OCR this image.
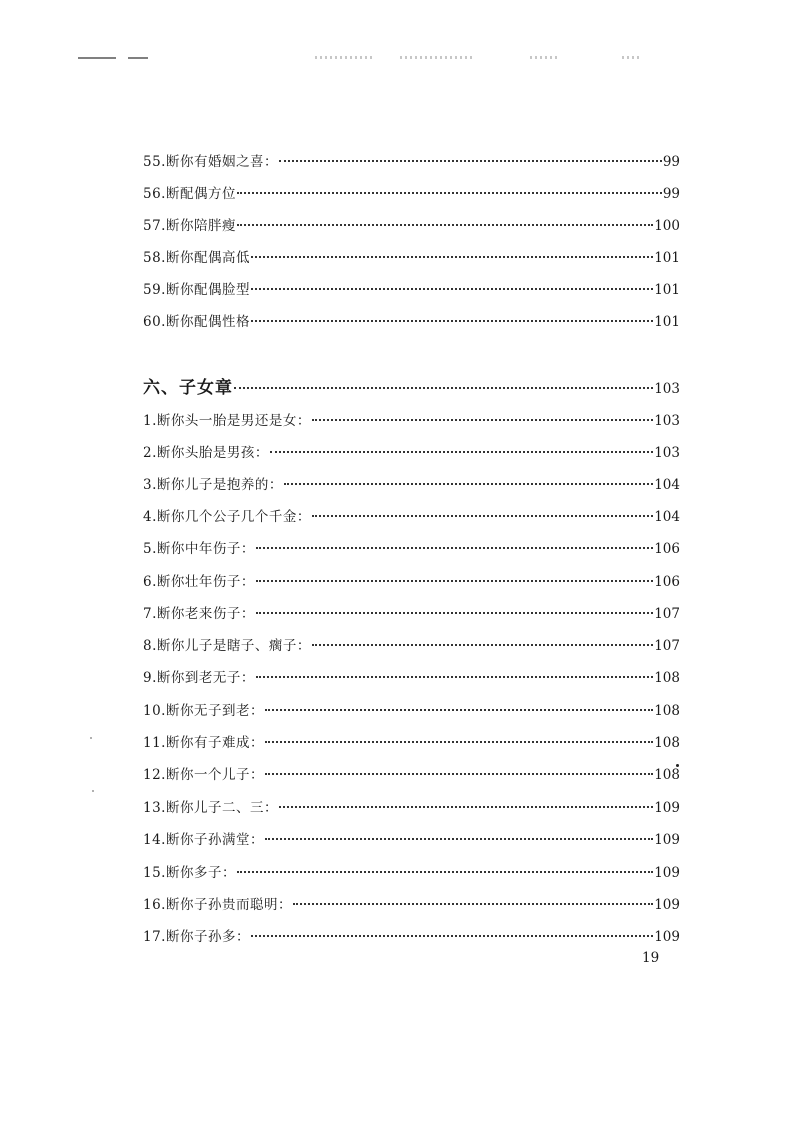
55.断你有婚姻之喜：	99
56.断配偶方位	99
57.断你陪胖瘦	100
58.断你配偶高低	101
59.断你配偶脸型	101
60.断你配偶性格	101
六、子女章	103
1.断你头一胎是男还是女：	103
2.断你头胎是男孩：	103
3.断你儿子是抱养的：	104
4.断你几个公子几个千金：	104
5.断你中年伤子：	106
6.断你壮年伤子：	106
7.断你老来伤子：	107
8.断你儿子是瞎子、瘸子：	107
9.断你到老无子：	108
10.断你无子到老：	108
11.断你有子难成：	108
12.断你一个儿子：	108
13.断你儿子二、三：	109
14.断你子孙满堂：	109
15.断你多子：	109
16.断你子孙贵而聪明：	109
17.断你子孙多：	109
19
